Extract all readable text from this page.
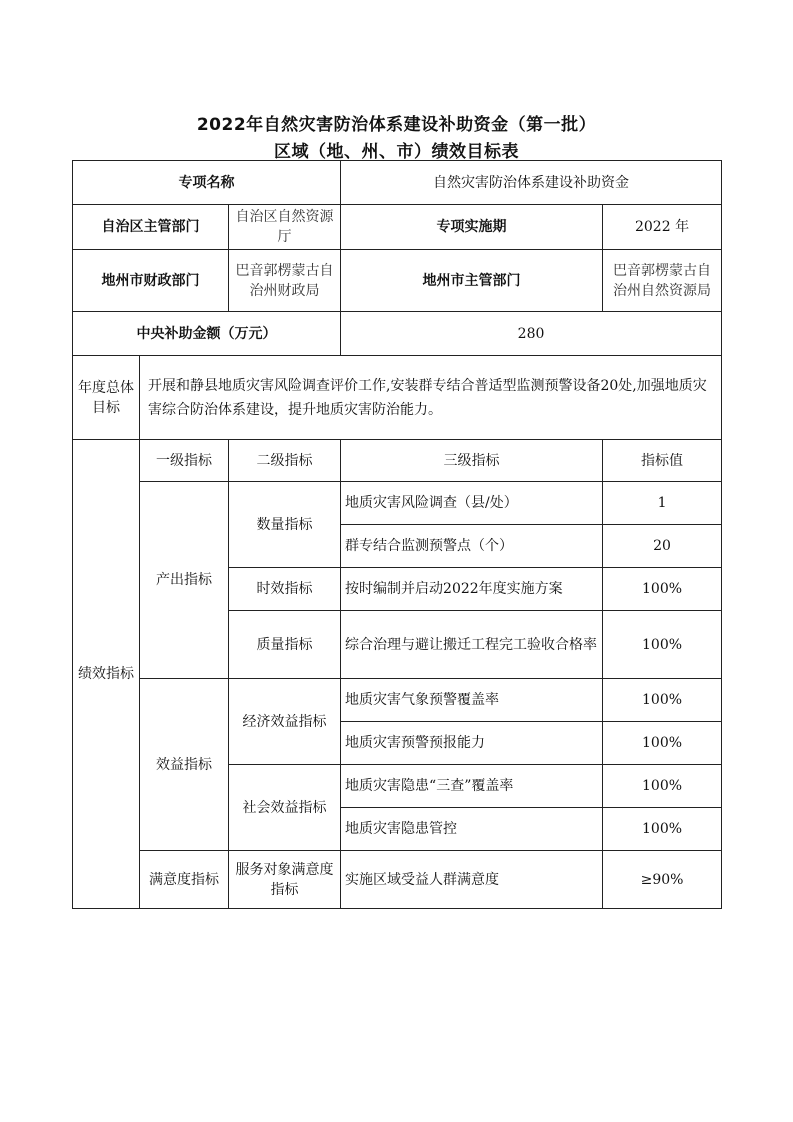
2022年自然灾害防治体系建设补助资金（第一批）
区域（地、州、市）绩效目标表
专项名称			自然灾害防治体系建设补助资金	
自治区主管部门		自治区自然资源厅	专项实施期	2022 年
地州市财政部门		巴音郭楞蒙古自治州财政局	地州市主管部门	巴音郭楞蒙古自治州自然资源局
中央补助金额（万元）			280	
年度总体目标	开展和静县地质灾害风险调查评价工作,安装群专结合普适型监测预警设备20处,加强地质灾害综合防治体系建设，提升地质灾害防治能力。			
绩效指标	一级指标	二级指标	三级指标	指标值
	产出指标	数量指标	地质灾害风险调查（县/处）	1
			群专结合监测预警点（个）	20
		时效指标	按时编制并启动2022年度实施方案	100%
		质量指标	综合治理与避让搬迁工程完工验收合格率	100%
	效益指标	经济效益指标	地质灾害气象预警覆盖率	100%
			地质灾害预警预报能力	100%
		社会效益指标	地质灾害隐患“三查”覆盖率	100%
			地质灾害隐患管控	100%
	满意度指标	服务对象满意度指标	实施区域受益人群满意度	≥90%
